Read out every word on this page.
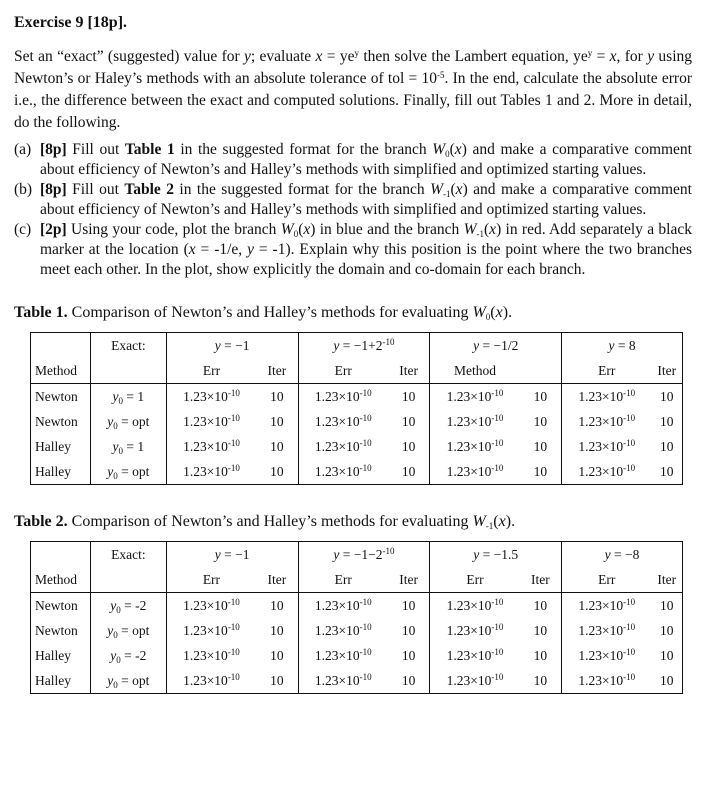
Exercise 9 [18p].

Set an “exact” (suggested) value for y; evaluate $x = ye^y$ then solve the Lambert equation, $ye^y = x$, for y using Newton’s or Haley’s methods with an absolute tolerance of tol = $10^{-5}$. In the end, calculate the absolute error i.e., the difference between the exact and computed solutions. Finally, fill out Tables 1 and 2. More in detail, do the following.

(a) [8p] Fill out Table 1 in the suggested format for the branch $W_0(x)$ and make a comparative comment about efficiency of Newton’s and Halley’s methods with simplified and optimized starting values.
(b) [8p] Fill out Table 2 in the suggested format for the branch $W_{-1}(x)$ and make a comparative comment about efficiency of Newton’s and Halley’s methods with simplified and optimized starting values.
(c) [2p] Using your code, plot the branch $W_0(x)$ in blue and the branch $W_{-1}(x)$ in red. Add separately a black marker at the location (x = -1/e, y = -1). Explain why this position is the point where the two branches meet each other. In the plot, show explicitly the domain and co-domain for each branch.
Table 1. Comparison of Newton’s and Halley’s methods for evaluating $W_0(x)$.
	Exact:	y = −1		$y = -1+2^{-10}$		y = −1/2		y = 8	
Method		Err	Iter	Err	Iter	Method		Err	Iter
Newton	$y_0 = 1$	$1.23\times 10^{-10}$	10	$1.23\times 10^{-10}$	10	$1.23\times 10^{-10}$	10	$1.23\times 10^{-10}$	10
Newton	$y_0$ = opt	$1.23\times 10^{-10}$	10	$1.23\times 10^{-10}$	10	$1.23\times 10^{-10}$	10	$1.23\times 10^{-10}$	10
Halley	$y_0 = 1$	$1.23\times 10^{-10}$	10	$1.23\times 10^{-10}$	10	$1.23\times 10^{-10}$	10	$1.23\times 10^{-10}$	10
Halley	$y_0$ = opt	$1.23\times 10^{-10}$	10	$1.23\times 10^{-10}$	10	$1.23\times 10^{-10}$	10	$1.23\times 10^{-10}$	10
Table 2. Comparison of Newton’s and Halley’s methods for evaluating $W_{-1}(x)$.
	Exact:	y = −1		$y = -1-2^{-10}$		y = −1.5		y = −8	
Method		Err	Iter	Err	Iter	Err	Iter	Err	Iter
Newton	$y_0 = -2$	$1.23\times 10^{-10}$	10	$1.23\times 10^{-10}$	10	$1.23\times 10^{-10}$	10	$1.23\times 10^{-10}$	10
Newton	$y_0$ = opt	$1.23\times 10^{-10}$	10	$1.23\times 10^{-10}$	10	$1.23\times 10^{-10}$	10	$1.23\times 10^{-10}$	10
Halley	$y_0 = -2$	$1.23\times 10^{-10}$	10	$1.23\times 10^{-10}$	10	$1.23\times 10^{-10}$	10	$1.23\times 10^{-10}$	10
Halley	$y_0$ = opt	$1.23\times 10^{-10}$	10	$1.23\times 10^{-10}$	10	$1.23\times 10^{-10}$	10	$1.23\times 10^{-10}$	10
